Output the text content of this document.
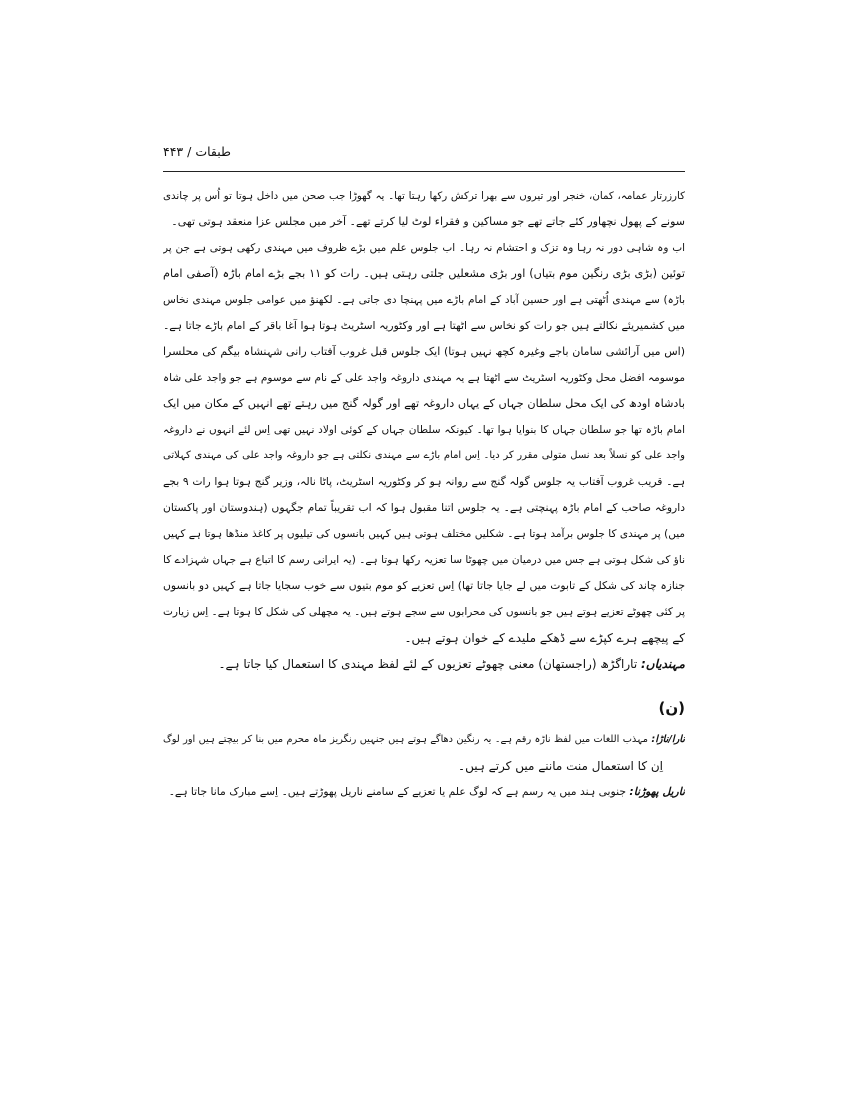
طبقات / ۴۴۳
کارزرتار عمامہ، کمان، خنجر اور تیروں سے بھرا ترکش رکھا رہتا تھا۔ یہ گھوڑا جب صحن میں داخل ہوتا تو اُس پر چاندی
سونے کے پھول نچھاور کئے جاتے تھے جو مساکین و فقراء لوٹ لیا کرتے تھے۔ آخر میں مجلس عزا منعقد ہوتی تھی۔
اب وہ شاہی دور نہ رہا وہ تزک و احتشام نہ رہا۔ اب جلوس علم میں بڑے ظروف میں مہندی رکھی ہوتی ہے جن پر
توئین (بڑی بڑی رنگین موم بتیاں) اور بڑی مشعلیں جلتی رہتی ہیں۔ رات کو ۱۱ بجے بڑے امام باڑہ (آصفی امام
باڑہ) سے مہندی اُٹھتی ہے اور حسین آباد کے امام باڑے میں پہنچا دی جاتی ہے۔ لکھنؤ میں عوامی جلوس مہندی نخاس
میں کشمیریئے نکالتے ہیں جو رات کو نخاس سے اٹھتا ہے اور وکٹوریہ اسٹریٹ ہوتا ہوا آغا باقر کے امام باڑے جاتا ہے۔
(اس میں آرائشی سامان باجے وغیرہ کچھ نہیں ہوتا) ایک جلوس قبل غروب آفتاب رانی شہنشاہ بیگم کی محلسرا
موسومہ افضل محل وکٹوریہ اسٹریٹ سے اٹھتا ہے یہ مہندی داروغہ واجد علی کے نام سے موسوم ہے جو واجد علی شاہ
بادشاہ اودھ کی ایک محل سلطان جہاں کے یہاں داروغہ تھے اور گولہ گنج میں رہتے تھے انہیں کے مکان میں ایک
امام باڑہ تھا جو سلطان جہاں کا بنوایا ہوا تھا۔ کیونکہ سلطان جہاں کے کوئی اولاد نہیں تھی اِس لئے انہوں نے داروغہ
واجد علی کو نسلاً بعد نسل متولی مقرر کر دیا۔ اِس امام باڑے سے مہندی نکلتی ہے جو داروغہ واجد علی کی مہندی کہلاتی
ہے۔ قریب غروب آفتاب یہ جلوس گولہ گنج سے روانہ ہو کر وکٹوریہ اسٹریٹ، پاٹا نالہ، وزیر گنج ہوتا ہوا رات ۹ بجے
داروغہ صاحب کے امام باڑہ پہنچتی ہے۔ یہ جلوس اتنا مقبول ہوا کہ اب تقریباً تمام جگہوں (ہندوستان اور پاکستان
میں) پر مہندی کا جلوس برآمد ہوتا ہے۔ شکلیں مختلف ہوتی ہیں کہیں بانسوں کی تیلیوں پر کاغذ منڈھا ہوتا ہے کہیں
ناؤ کی شکل ہوتی ہے جس میں درمیان میں چھوٹا سا تعزیہ رکھا ہوتا ہے۔ (یہ ایرانی رسم کا اتباع ہے جہاں شہزادے کا
جنازہ چاند کی شکل کے تابوت میں لے جایا جاتا تھا) اِس تعزیے کو موم بتیوں سے خوب سجایا جاتا ہے کہیں دو بانسوں
پر کئی چھوٹے تعزیے ہوتے ہیں جو بانسوں کی محرابوں سے سجے ہوتے ہیں۔ یہ مچھلی کی شکل کا ہوتا ہے۔ اِس زیارت
کے پیچھے ہرے کپڑے سے ڈھکے ملیدے کے خوان ہوتے ہیں۔
مہندیاں: تاراگڑھ (راجستھان) معنی چھوٹے تعزیوں کے لئے لفظ مہندی کا استعمال کیا جاتا ہے۔
(ن)
نارا/ناڑا: مہذب اللغات میں لفظ ناڑہ رقم ہے۔ یہ رنگین دھاگے ہوتے ہیں جنہیں رنگریز ماہ محرم میں بنا کر بیچتے ہیں اور لوگ
اِن کا استعمال منت ماننے میں کرتے ہیں۔
ناریل پھوڑنا: جنوبی ہند میں یہ رسم ہے کہ لوگ علم یا تعزیے کے سامنے ناریل پھوڑتے ہیں۔ اِسے مبارک مانا جاتا ہے۔
